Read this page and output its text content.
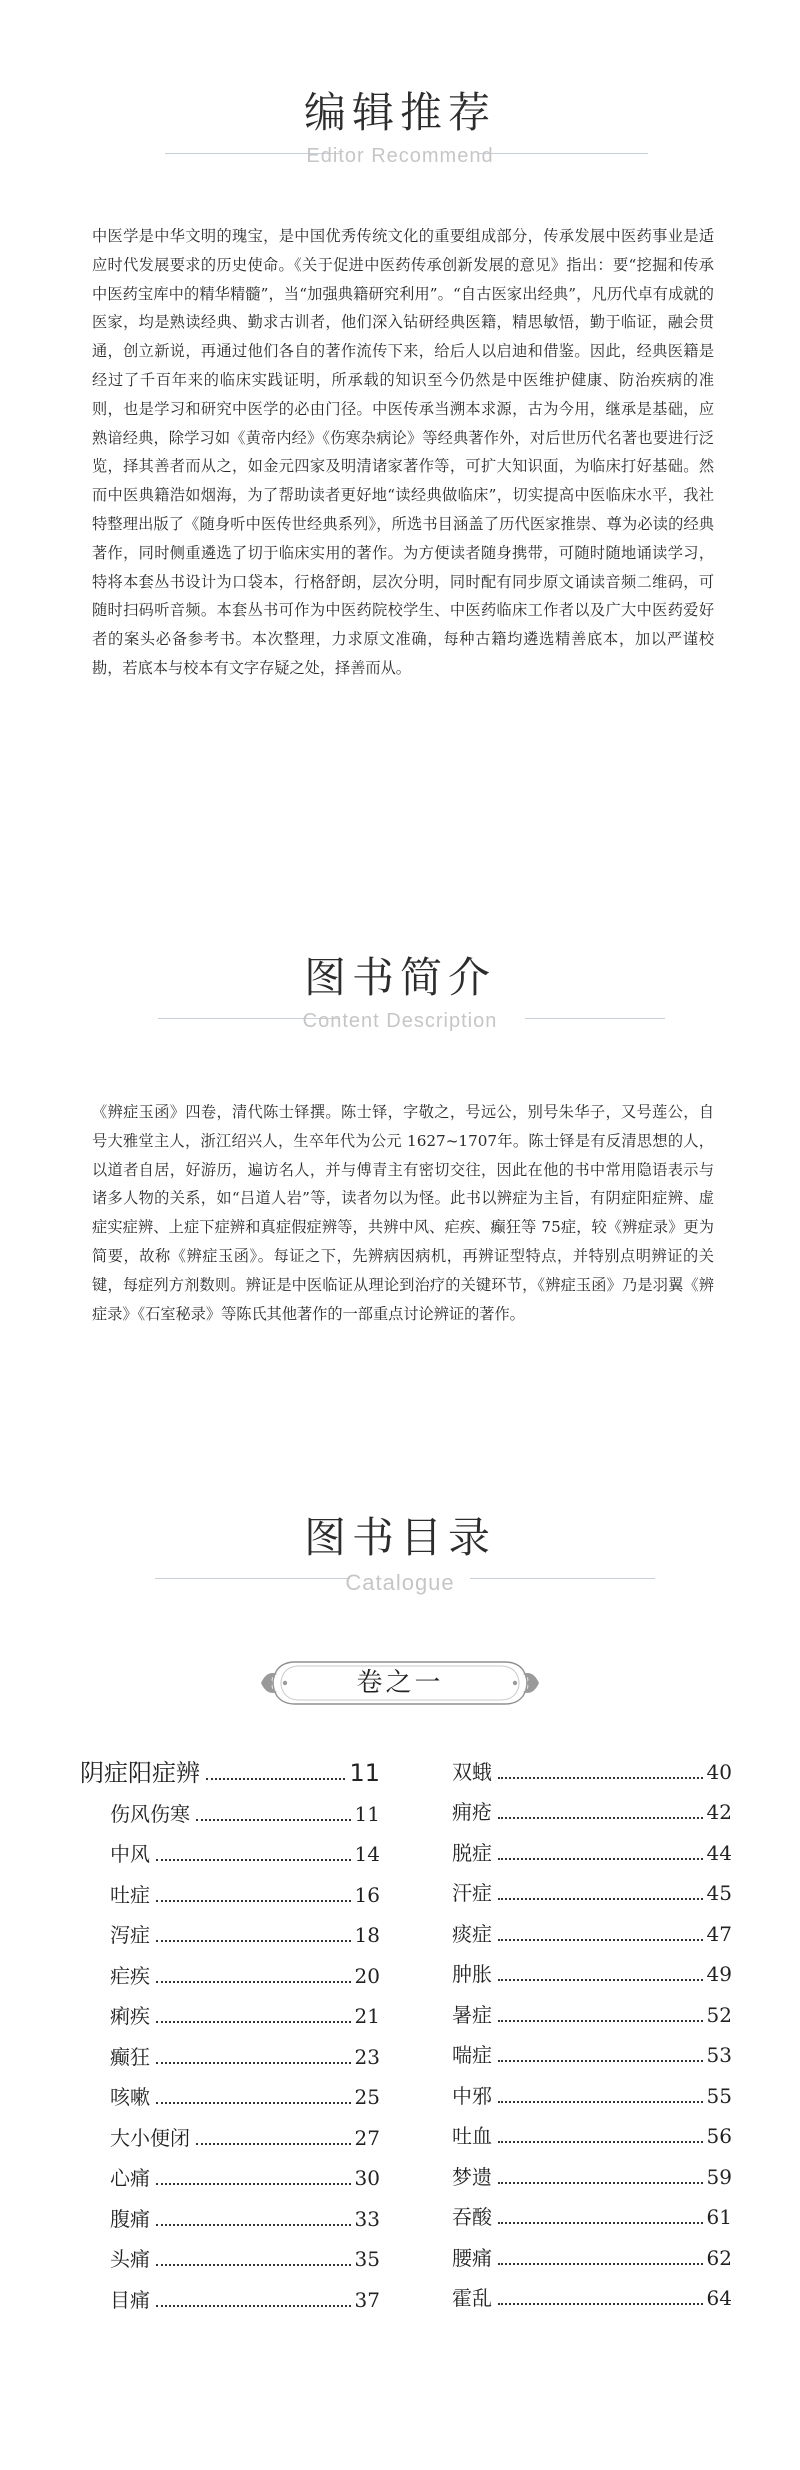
编辑推荐
Editor Recommend

中医学是中华文明的瑰宝，是中国优秀传统文化的重要组成部分，传承发展中医药事业是适应时代发展要求的历史使命。《关于促进中医药传承创新发展的意见》指出：要“挖掘和传承中医药宝库中的精华精髓”，当“加强典籍研究利用”。“自古医家出经典”，凡历代卓有成就的医家，均是熟读经典、勤求古训者，他们深入钻研经典医籍，精思敏悟，勤于临证，融会贯通，创立新说，再通过他们各自的著作流传下来，给后人以启迪和借鉴。因此，经典医籍是经过了千百年来的临床实践证明，所承载的知识至今仍然是中医维护健康、防治疾病的准则，也是学习和研究中医学的必由门径。中医传承当溯本求源，古为今用，继承是基础，应熟谙经典，除学习如《黄帝内经》《伤寒杂病论》等经典著作外，对后世历代名著也要进行泛览，择其善者而从之，如金元四家及明清诸家著作等，可扩大知识面，为临床打好基础。然而中医典籍浩如烟海，为了帮助读者更好地“读经典做临床”，切实提高中医临床水平，我社特整理出版了《随身听中医传世经典系列》，所选书目涵盖了历代医家推崇、尊为必读的经典著作，同时侧重遴选了切于临床实用的著作。为方便读者随身携带，可随时随地诵读学习，特将本套丛书设计为口袋本，行格舒朗，层次分明，同时配有同步原文诵读音频二维码，可随时扫码听音频。本套丛书可作为中医药院校学生、中医药临床工作者以及广大中医药爱好者的案头必备参考书。本次整理，力求原文准确，每种古籍均遴选精善底本，加以严谨校勘，若底本与校本有文字存疑之处，择善而从。

图书简介
Content Description

《辨症玉函》四卷，清代陈士铎撰。陈士铎，字敬之，号远公，别号朱华子，又号莲公，自号大雅堂主人，浙江绍兴人，生卒年代为公元 1627~1707年。陈士铎是有反清思想的人，以道者自居，好游历，遍访名人，并与傅青主有密切交往，因此在他的书中常用隐语表示与诸多人物的关系，如“吕道人岩”等，读者勿以为怪。此书以辨症为主旨，有阴症阳症辨、虚症实症辨、上症下症辨和真症假症辨等，共辨中风、疟疾、癫狂等 75症，较《辨症录》更为简要，故称《辨症玉函》。每证之下，先辨病因病机，再辨证型特点，并特别点明辨证的关键，每症列方剂数则。辨证是中医临证从理论到治疗的关键环节，《辨症玉函》乃是羽翼《辨症录》《石室秘录》等陈氏其他著作的一部重点讨论辨证的著作。

图书目录
Catalogue
卷之一
阴症阳症辨	11
伤风伤寒	11
中风	14
吐症	16
泻症	18
疟疾	20
痢疾	21
癫狂	23
咳嗽	25
大小便闭	27
心痛	30
腹痛	33
头痛	35
目痛	37
双蛾	40
痈疮	42
脱症	44
汗症	45
痰症	47
肿胀	49
暑症	52
喘症	53
中邪	55
吐血	56
梦遗	59
吞酸	61
腰痛	62
霍乱	64
